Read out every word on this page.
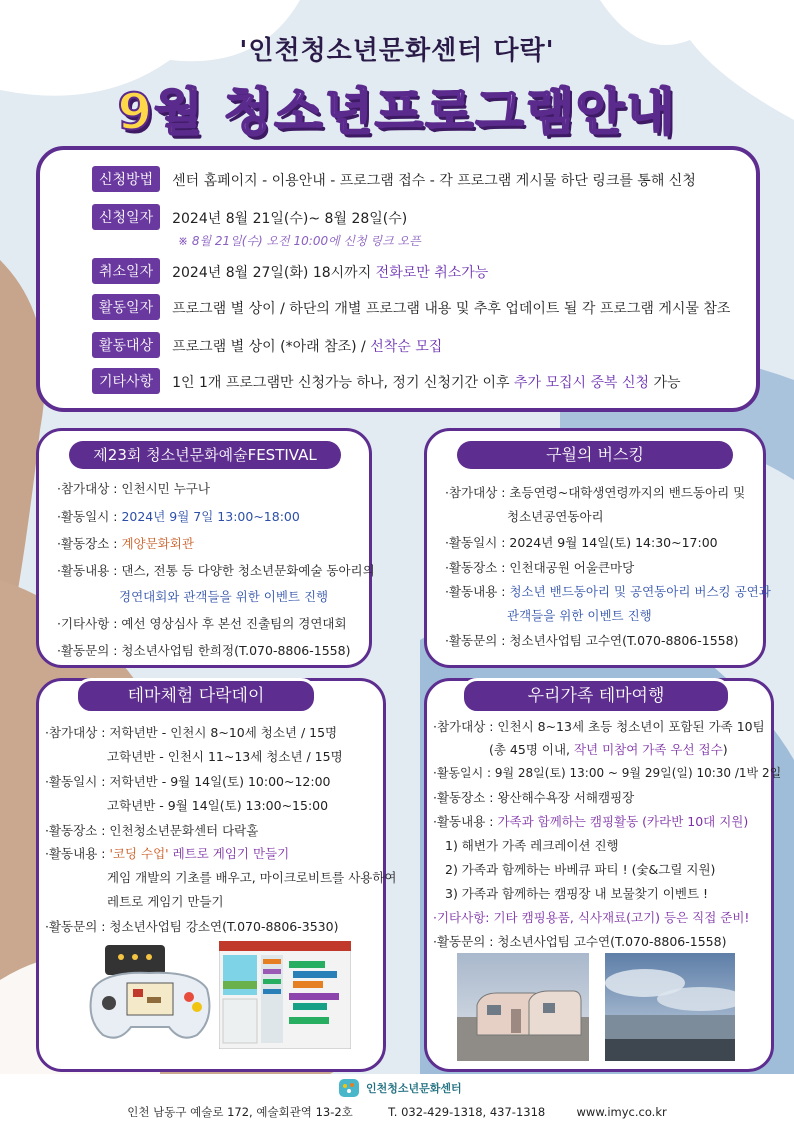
'인천청소년문화센터 다락'
9월 청소년프로그램안내
신청방법	센터 홈페이지 - 이용안내 - 프로그램 접수 - 각 프로그램 게시물 하단 링크를 통해 신청
신청일자	2024년 8월 21일(수)~ 8월 28일(수)
※ 8월 21일(수) 오전 10:00에 신청 링크 오픈
취소일자	2024년 8월 27일(화) 18시까지 전화로만 취소가능
활동일자	프로그램 별 상이 / 하단의 개별 프로그램 내용 및 추후 업데이트 될 각 프로그램 게시물 참조
활동대상	프로그램 별 상이 (*아래 참조) / 선착순 모집
기타사항	1인 1개 프로그램만 신청가능 하나, 정기 신청기간 이후 추가 모집시 중복 신청 가능
제23회 청소년문화예술FESTIVAL
·참가대상 : 인천시민 누구나
·활동일시 : 2024년 9월 7일 13:00~18:00
·활동장소 : 계양문화회관
·활동내용 : 댄스, 전통 등 다양한 청소년문화예술 동아리의
경연대회와 관객들을 위한 이벤트 진행
·기타사항 : 예선 영상심사 후 본선 진출팀의 경연대회
·활동문의 : 청소년사업팀 한희정(T.070-8806-1558)
구월의 버스킹
·참가대상 : 초등연령~대학생연령까지의 밴드동아리 및
청소년공연동아리
·활동일시 : 2024년 9월 14일(토) 14:30~17:00
·활동장소 : 인천대공원 어울큰마당
·활동내용 : 청소년 밴드동아리 및 공연동아리 버스킹 공연과
관객들을 위한 이벤트 진행
·활동문의 : 청소년사업팀 고수연(T.070-8806-1558)
테마체험 다락데이
·참가대상 : 저학년반 - 인천시 8~10세 청소년 / 15명
고학년반 - 인천시 11~13세 청소년 / 15명
·활동일시 : 저학년반 - 9월 14일(토) 10:00~12:00
고학년반 - 9월 14일(토) 13:00~15:00
·활동장소 : 인천청소년문화센터 다락홀
·활동내용 : '코딩 수업' 레트로 게임기 만들기
게임 개발의 기초를 배우고, 마이크로비트를 사용하여
레트로 게임기 만들기
·활동문의 : 청소년사업팀 강소연(T.070-8806-3530)
우리가족 테마여행
·참가대상 : 인천시 8~13세 초등 청소년이 포함된 가족 10팀
(총 45명 이내, 작년 미참여 가족 우선 접수)
·활동일시 : 9월 28일(토) 13:00 ~ 9월 29일(일) 10:30 /1박 2일
·활동장소 : 왕산해수욕장 서해캠핑장
·활동내용 : 가족과 함께하는 캠핑활동 (카라반 10대 지원)
1) 해변가 가족 레크레이션 진행
2) 가족과 함께하는 바베큐 파티 ! (숯&그릴 지원)
3) 가족과 함께하는 캠핑장 내 보물찾기 이벤트 !
·기타사항: 기타 캠핑용품, 식사재료(고기) 등은 직접 준비!
·활동문의 : 청소년사업팀 고수연(T.070-8806-1558)
인천청소년문화센터
인천 남동구 예술로 172, 예술회관역 13-2호	T. 032-429-1318, 437-1318	www.imyc.co.kr
